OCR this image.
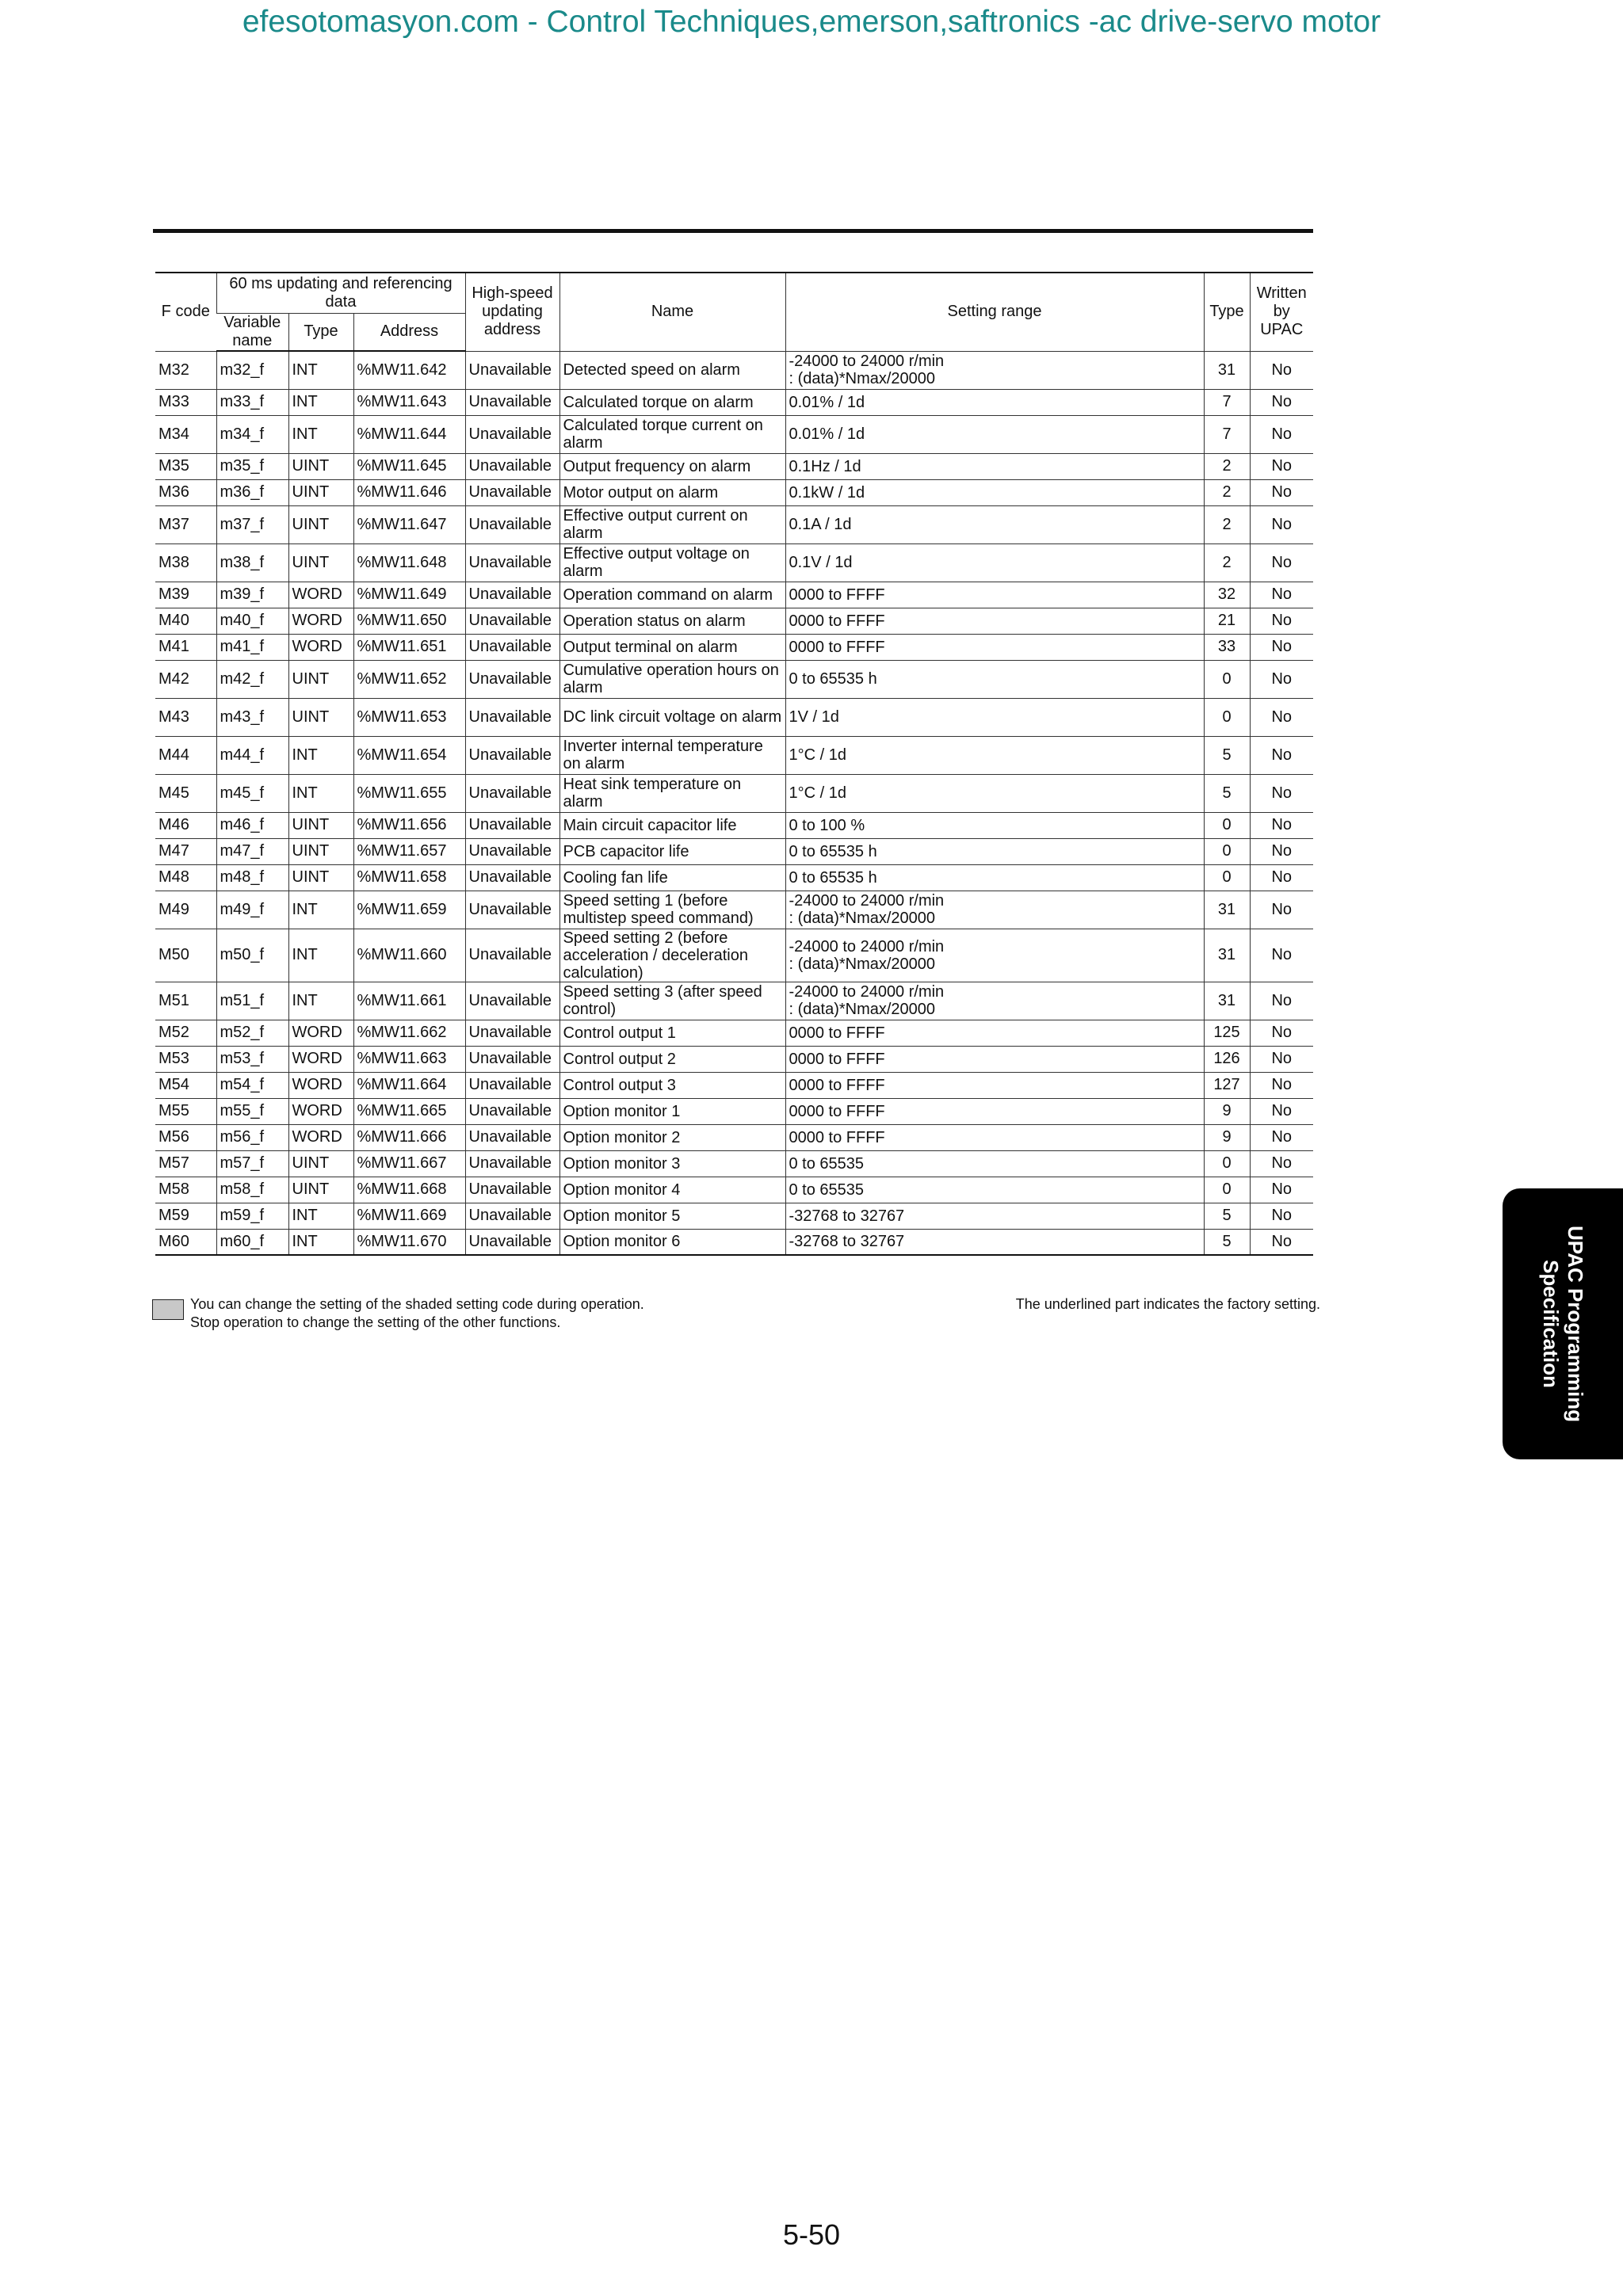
efesotomasyon.com - Control Techniques,emerson,saftronics -ac drive-servo motor
F code	60 ms updating and referencing data			High-speed updating address	Name	Setting range	Type	Written by UPAC
	Variable name	Type	Address					
M32	m32_f	INT	%MW11.642	Unavailable	Detected speed on alarm	-24000 to 24000 r/min
: (data)*Nmax/20000	31	No
M33	m33_f	INT	%MW11.643	Unavailable	Calculated torque on alarm	0.01% / 1d	7	No
M34	m34_f	INT	%MW11.644	Unavailable	Calculated torque current on alarm	0.01% / 1d	7	No
M35	m35_f	UINT	%MW11.645	Unavailable	Output frequency on alarm	0.1Hz / 1d	2	No
M36	m36_f	UINT	%MW11.646	Unavailable	Motor output on alarm	0.1kW / 1d	2	No
M37	m37_f	UINT	%MW11.647	Unavailable	Effective output current on alarm	0.1A / 1d	2	No
M38	m38_f	UINT	%MW11.648	Unavailable	Effective output voltage on alarm	0.1V / 1d	2	No
M39	m39_f	WORD	%MW11.649	Unavailable	Operation command on alarm	0000 to FFFF	32	No
M40	m40_f	WORD	%MW11.650	Unavailable	Operation status on alarm	0000 to FFFF	21	No
M41	m41_f	WORD	%MW11.651	Unavailable	Output terminal on alarm	0000 to FFFF	33	No
M42	m42_f	UINT	%MW11.652	Unavailable	Cumulative operation hours on alarm	0 to 65535 h	0	No
M43	m43_f	UINT	%MW11.653	Unavailable	DC link circuit voltage on alarm	1V / 1d	0	No
M44	m44_f	INT	%MW11.654	Unavailable	Inverter internal temperature on alarm	1°C / 1d	5	No
M45	m45_f	INT	%MW11.655	Unavailable	Heat sink temperature on alarm	1°C / 1d	5	No
M46	m46_f	UINT	%MW11.656	Unavailable	Main circuit capacitor life	0 to 100 %	0	No
M47	m47_f	UINT	%MW11.657	Unavailable	PCB capacitor life	0 to 65535 h	0	No
M48	m48_f	UINT	%MW11.658	Unavailable	Cooling fan life	0 to 65535 h	0	No
M49	m49_f	INT	%MW11.659	Unavailable	Speed setting 1 (before multistep speed command)	-24000 to 24000 r/min
: (data)*Nmax/20000	31	No
M50	m50_f	INT	%MW11.660	Unavailable	Speed setting 2 (before acceleration / deceleration calculation)	-24000 to 24000 r/min
: (data)*Nmax/20000	31	No
M51	m51_f	INT	%MW11.661	Unavailable	Speed setting 3 (after speed control)	-24000 to 24000 r/min
: (data)*Nmax/20000	31	No
M52	m52_f	WORD	%MW11.662	Unavailable	Control output 1	0000 to FFFF	125	No
M53	m53_f	WORD	%MW11.663	Unavailable	Control output 2	0000 to FFFF	126	No
M54	m54_f	WORD	%MW11.664	Unavailable	Control output 3	0000 to FFFF	127	No
M55	m55_f	WORD	%MW11.665	Unavailable	Option monitor 1	0000 to FFFF	9	No
M56	m56_f	WORD	%MW11.666	Unavailable	Option monitor 2	0000 to FFFF	9	No
M57	m57_f	UINT	%MW11.667	Unavailable	Option monitor 3	0 to 65535	0	No
M58	m58_f	UINT	%MW11.668	Unavailable	Option monitor 4	0 to 65535	0	No
M59	m59_f	INT	%MW11.669	Unavailable	Option monitor 5	-32768 to 32767	5	No
M60	m60_f	INT	%MW11.670	Unavailable	Option monitor 6	-32768 to 32767	5	No
You can change the setting of the shaded setting code during operation.
Stop operation to change the setting of the other functions.
The underlined part indicates the factory setting.	UPAC Programming
Specification
5-50
